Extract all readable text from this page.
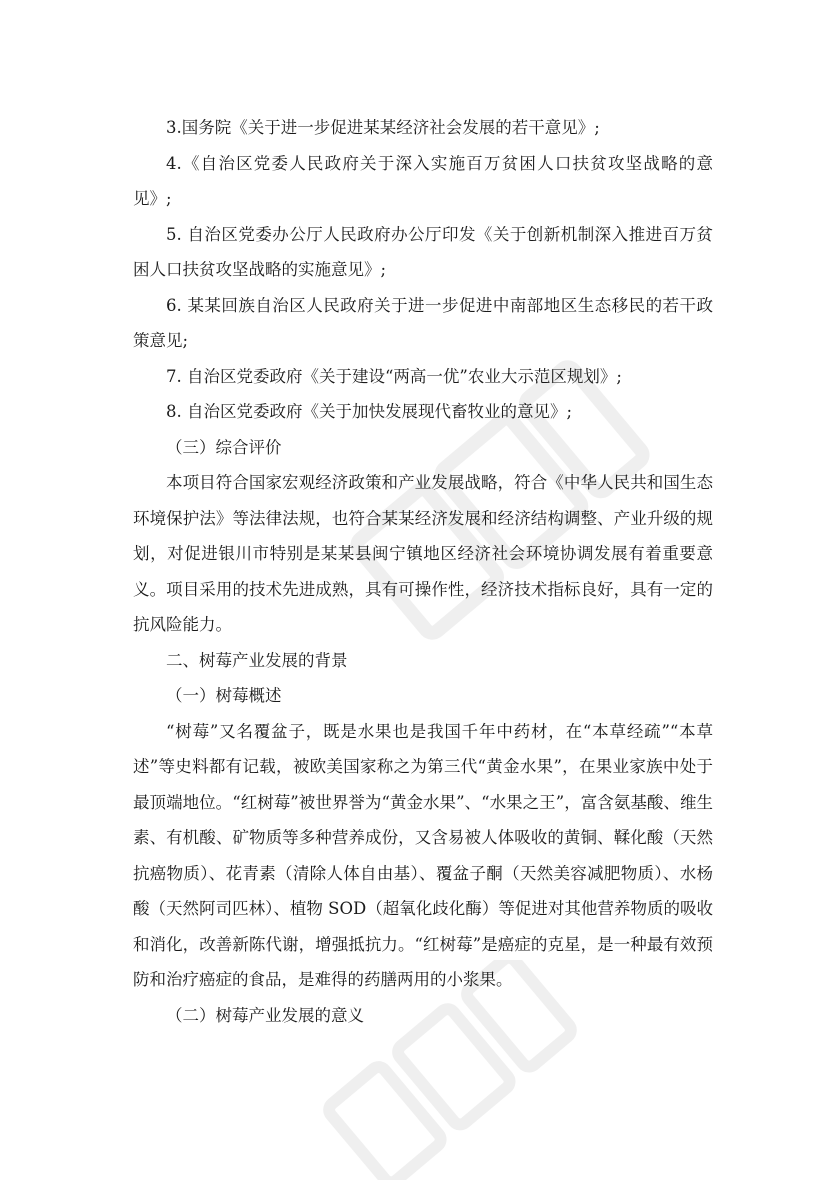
3.国务院《关于进一步促进某某经济社会发展的若干意见》;

4.《自治区党委人民政府关于深入实施百万贫困人口扶贫攻坚战略的意见》;

5. 自治区党委办公厅人民政府办公厅印发《关于创新机制深入推进百万贫困人口扶贫攻坚战略的实施意见》;

6. 某某回族自治区人民政府关于进一步促进中南部地区生态移民的若干政策意见;

7. 自治区党委政府《关于建设“两高一优”农业大示范区规划》;

8. 自治区党委政府《关于加快发展现代畜牧业的意见》;

（三）综合评价

本项目符合国家宏观经济政策和产业发展战略，符合《中华人民共和国生态环境保护法》等法律法规，也符合某某经济发展和经济结构调整、产业升级的规划，对促进银川市特别是某某县闽宁镇地区经济社会环境协调发展有着重要意义。项目采用的技术先进成熟，具有可操作性，经济技术指标良好，具有一定的抗风险能力。

二、树莓产业发展的背景

（一）树莓概述

“树莓”又名覆盆子，既是水果也是我国千年中药材，在“本草经疏”“本草述”等史料都有记载，被欧美国家称之为第三代“黄金水果”，在果业家族中处于最顶端地位。“红树莓”被世界誉为“黄金水果”、“水果之王”，富含氨基酸、维生素、有机酸、矿物质等多种营养成份，又含易被人体吸收的黄铜、鞣化酸（天然抗癌物质）、花青素（清除人体自由基）、覆盆子酮（天然美容减肥物质）、水杨酸（天然阿司匹林）、植物 SOD（超氧化歧化酶）等促进对其他营养物质的吸收和消化，改善新陈代谢，增强抵抗力。“红树莓”是癌症的克星，是一种最有效预防和治疗癌症的食品，是难得的药膳两用的小浆果。

（二）树莓产业发展的意义
